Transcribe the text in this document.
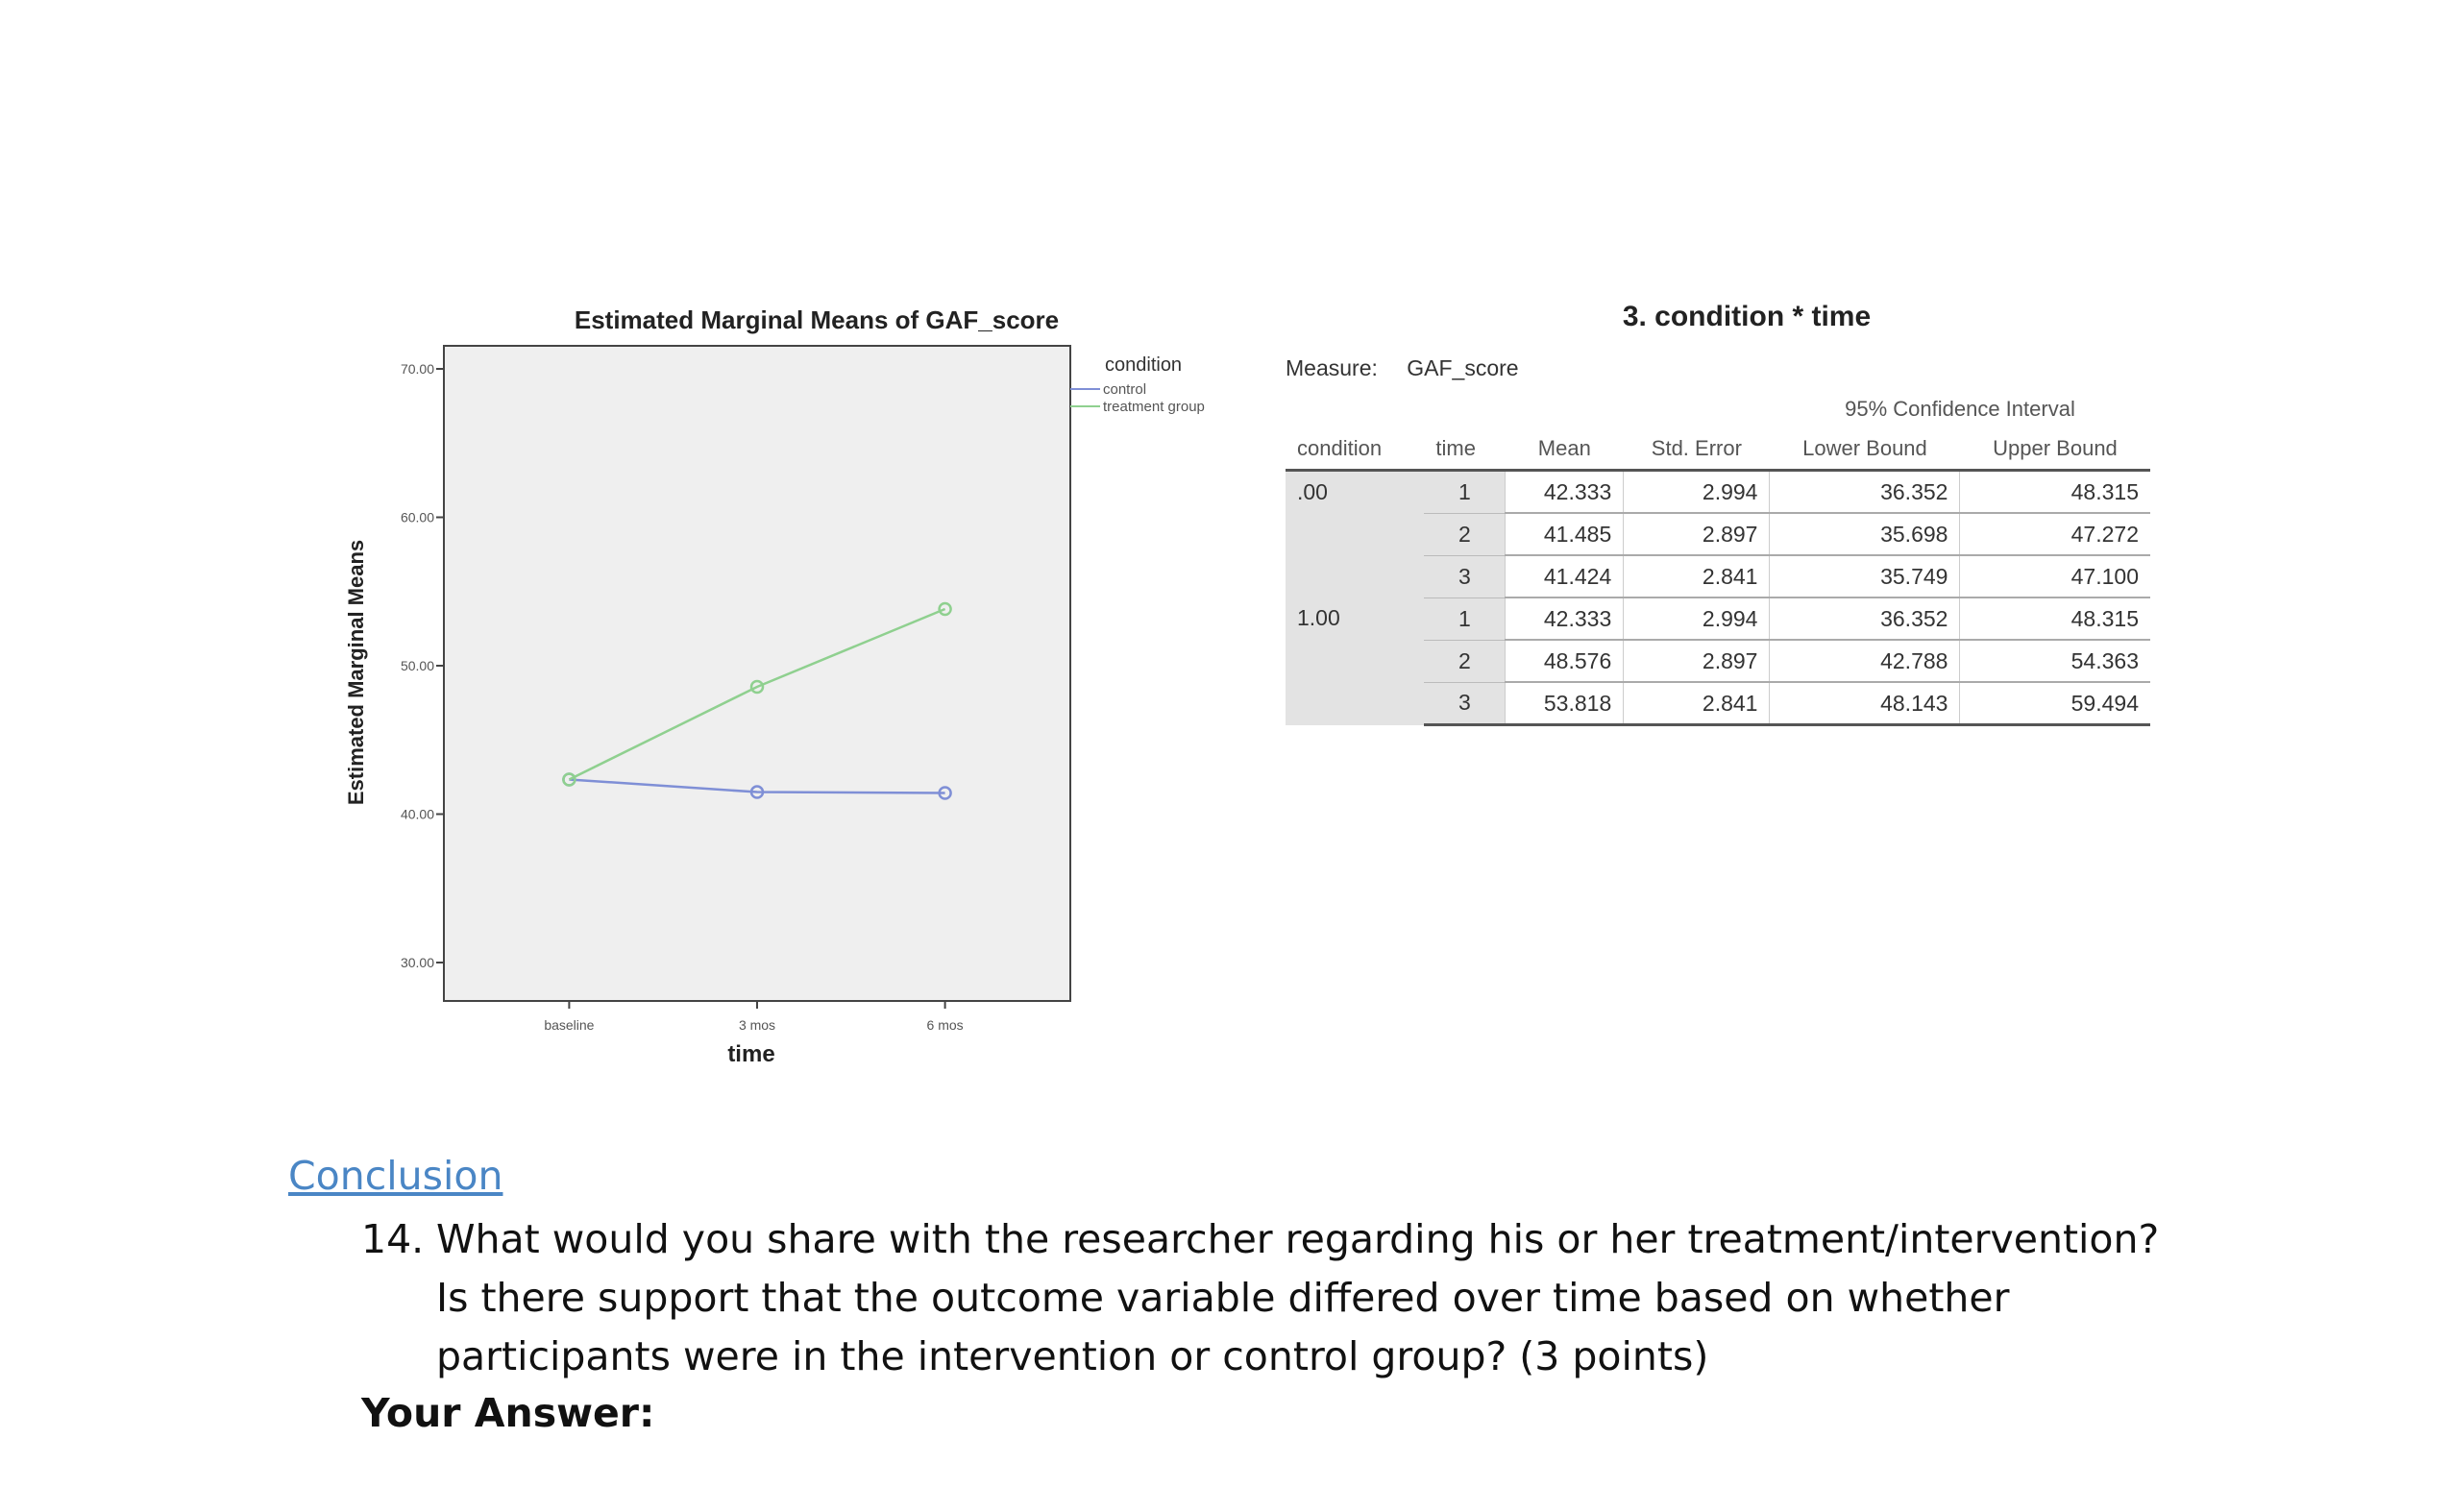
Estimated Marginal Means of GAF_score
30.00
40.00
50.00
60.00
70.00
baseline	3 mos	6 mos
Estimated Marginal Means
time
condition
control
treatment group
3. condition * time
Measure: GAF_score
				95% Confidence Interval	
condition	time	Mean	Std. Error	Lower Bound	Upper Bound
.00	1	42.333	2.994	36.352	48.315
	2	41.485	2.897	35.698	47.272
	3	41.424	2.841	35.749	47.100
1.00	1	42.333	2.994	36.352	48.315
	2	48.576	2.897	42.788	54.363
	3	53.818	2.841	48.143	59.494
Conclusion
14. What would you share with the researcher regarding his or her treatment/intervention? Is there support that the outcome variable differed over time based on whether participants were in the intervention or control group? (3 points)
Your Answer:
